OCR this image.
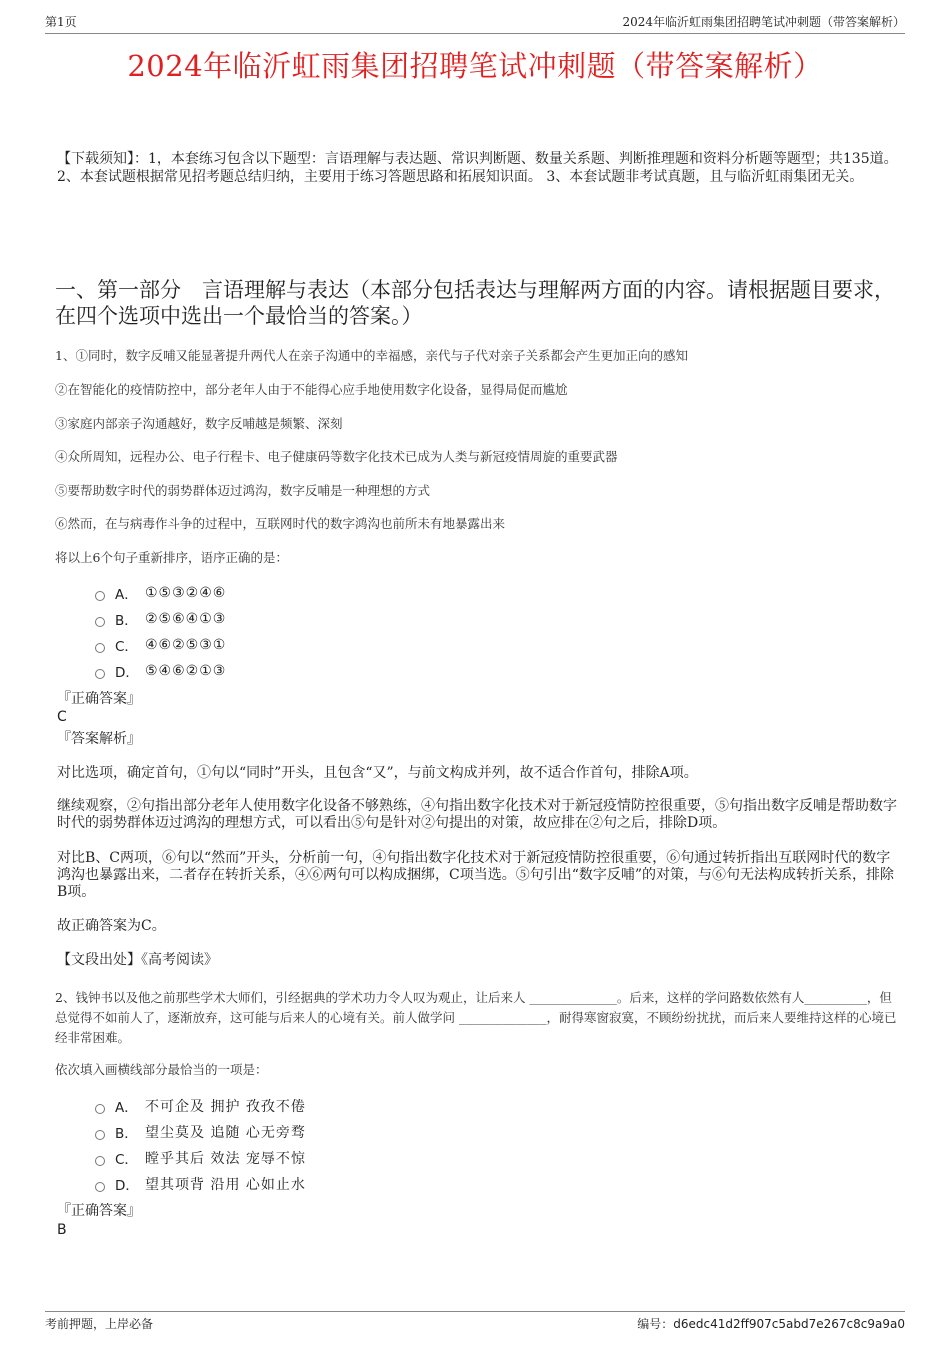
第1页	2024年临沂虹雨集团招聘笔试冲刺题（带答案解析）
2024年临沂虹雨集团招聘笔试冲刺题（带答案解析）
【下载须知】：1，本套练习包含以下题型：言语理解与表达题、常识判断题、数量关系题、判断推理题和资料分析题等题型；共135道。 2、本套试题根据常见招考题总结归纳，主要用于练习答题思路和拓展知识面。 3、本套试题非考试真题，且与临沂虹雨集团无关。
一、第一部分　言语理解与表达（本部分包括表达与理解两方面的内容。请根据题目要求，在四个选项中选出一个最恰当的答案。）
1、①同时，数字反哺又能显著提升两代人在亲子沟通中的幸福感，亲代与子代对亲子关系都会产生更加正向的感知
②在智能化的疫情防控中，部分老年人由于不能得心应手地使用数字化设备，显得局促而尴尬
③家庭内部亲子沟通越好，数字反哺越是频繁、深刻
④众所周知，远程办公、电子行程卡、电子健康码等数字化技术已成为人类与新冠疫情周旋的重要武器
⑤要帮助数字时代的弱势群体迈过鸿沟，数字反哺是一种理想的方式
⑥然而，在与病毒作斗争的过程中，互联网时代的数字鸿沟也前所未有地暴露出来
将以上6个句子重新排序，语序正确的是：
A． ①⑤③②④⑥
B． ②⑤⑥④①③
C． ④⑥②⑤③①
D． ⑤④⑥②①③
『正确答案』
C
『答案解析』
对比选项，确定首句，①句以“同时”开头，且包含“又”，与前文构成并列，故不适合作首句，排除A项。
继续观察，②句指出部分老年人使用数字化设备不够熟练，④句指出数字化技术对于新冠疫情防控很重要，⑤句指出数字反哺是帮助数字时代的弱势群体迈过鸿沟的理想方式，可以看出⑤句是针对②句提出的对策，故应排在②句之后，排除D项。
对比B、C两项，⑥句以“然而”开头，分析前一句，④句指出数字化技术对于新冠疫情防控很重要，⑥句通过转折指出互联网时代的数字鸿沟也暴露出来，二者存在转折关系，④⑥两句可以构成捆绑，C项当选。⑤句引出“数字反哺”的对策，与⑥句无法构成转折关系，排除B项。
故正确答案为C。
【文段出处】《高考阅读》
2、钱钟书以及他之前那些学术大师们，引经据典的学术功力令人叹为观止，让后来人 ______________。后来，这样的学问路数依然有人__________，但总觉得不如前人了，逐渐放弃，这可能与后来人的心境有关。前人做学问 ______________，耐得寒窗寂寞，不顾纷纷扰扰，而后来人要维持这样的心境已经非常困难。
依次填入画横线部分最恰当的一项是：
A． 不可企及 拥护 孜孜不倦
B． 望尘莫及 追随 心无旁骛
C． 瞠乎其后 效法 宠辱不惊
D． 望其项背 沿用 心如止水
『正确答案』
B
考前押题，上岸必备	编号：d6edc41d2ff907c5abd7e267c8c9a9a0
